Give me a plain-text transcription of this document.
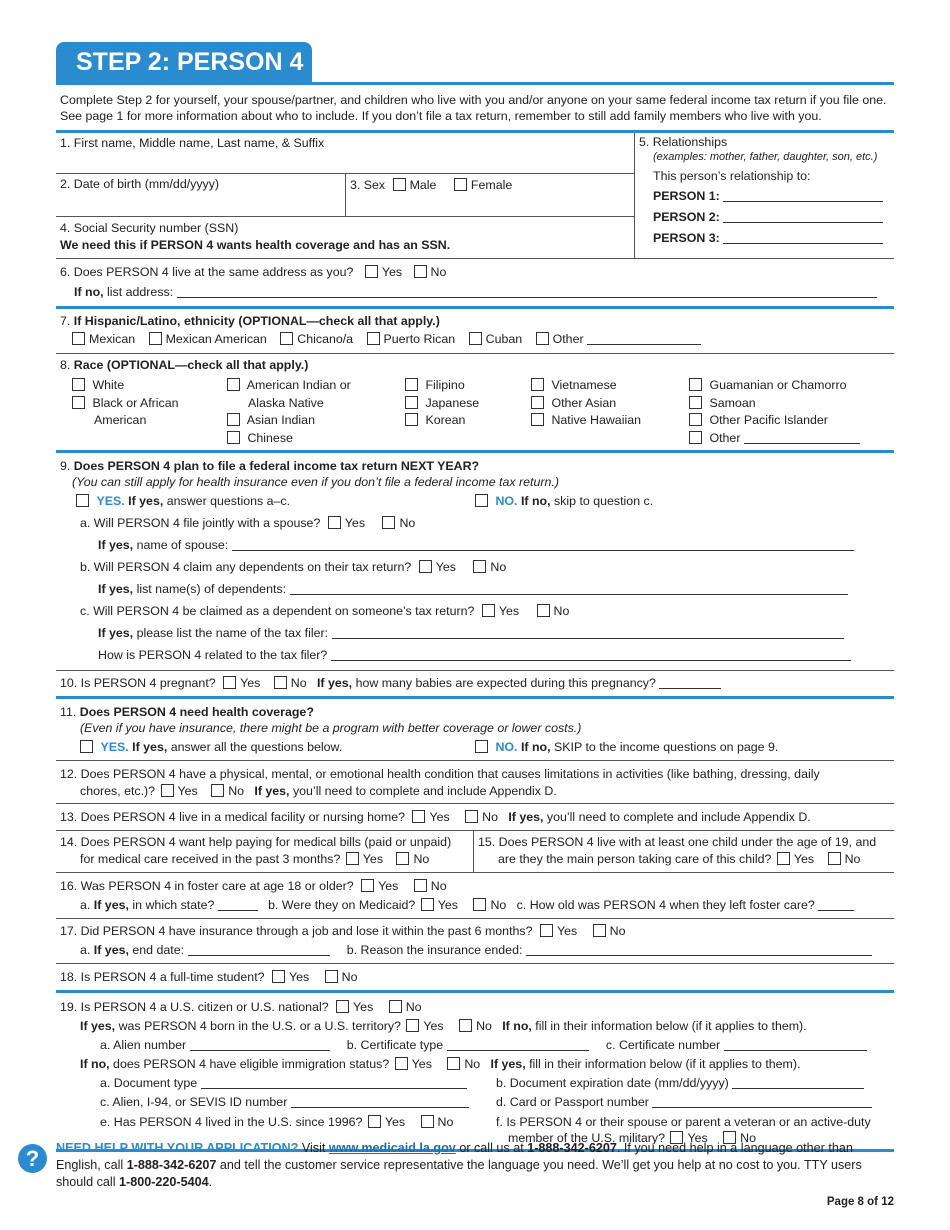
STEP 2: PERSON 4
Complete Step 2 for yourself, your spouse/partner, and children who live with you and/or anyone on your same federal income tax return if you file one. See page 1 for more information about who to include. If you don’t file a tax return, remember to still add family members who live with you.
1. First name, Middle name, Last name, & Suffix
2. Date of birth (mm/dd/yyyy)	3. Sex Male	Female
4. Social Security number (SSN)
We need this if PERSON 4 wants health coverage and has an SSN.
5. Relationships
(examples: mother, father, daughter, son, etc.)
This person’s relationship to:
PERSON 1:
PERSON 2:
PERSON 3:
6. Does PERSON 4 live at the same address as you? Yes No
If no, list address:
7. If Hispanic/Latino, ethnicity (OPTIONAL—check all that apply.)
Mexican Mexican American Chicano/a Puerto Rican Cuban Other
8. Race (OPTIONAL—check all that apply.)
White
Black or African
American
American Indian or
Alaska Native
Asian Indian
Chinese
Filipino
Japanese
Korean
Vietnamese
Other Asian
Native Hawaiian
Guamanian or Chamorro
Samoan
Other Pacific Islander
Other
9. Does PERSON 4 plan to file a federal income tax return NEXT YEAR?
(You can still apply for health insurance even if you don’t file a federal income tax return.)
YES. If yes, answer questions a–c.	NO. If no, skip to question c.
a. Will PERSON 4 file jointly with a spouse? Yes	No
If yes, name of spouse:
b. Will PERSON 4 claim any dependents on their tax return? Yes	No
If yes, list name(s) of dependents:
c. Will PERSON 4 be claimed as a dependent on someone’s tax return? Yes	No
If yes, please list the name of the tax filer:
How is PERSON 4 related to the tax filer?
10. Is PERSON 4 pregnant? Yes No If yes, how many babies are expected during this pregnancy?
11. Does PERSON 4 need health coverage?
(Even if you have insurance, there might be a program with better coverage or lower costs.)
YES. If yes, answer all the questions below.	NO. If no, SKIP to the income questions on page 9.
12. Does PERSON 4 have a physical, mental, or emotional health condition that causes limitations in activities (like bathing, dressing, daily
chores, etc.)? Yes No If yes, you’ll need to complete and include Appendix D.
13. Does PERSON 4 live in a medical facility or nursing home? Yes	No If yes, you’ll need to complete and include Appendix D.
14. Does PERSON 4 want help paying for medical bills (paid or unpaid)
for medical care received in the past 3 months? Yes No
15. Does PERSON 4 live with at least one child under the age of 19, and
are they the main person taking care of this child? Yes No
16. Was PERSON 4 in foster care at age 18 or older? Yes	No
a. If yes, in which state?	b. Were they on Medicaid? Yes	No c. How old was PERSON 4 when they left foster care?
17. Did PERSON 4 have insurance through a job and lose it within the past 6 months? Yes	No
a. If yes, end date:	b. Reason the insurance ended:
18. Is PERSON 4 a full-time student? Yes	No
19. Is PERSON 4 a U.S. citizen or U.S. national? Yes	No
If yes, was PERSON 4 born in the U.S. or a U.S. territory? Yes	No If no, fill in their information below (if it applies to them).
a. Alien number	b. Certificate type	c. Certificate number
If no, does PERSON 4 have eligible immigration status? Yes	No If yes, fill in their information below (if it applies to them).
a. Document type	b. Document expiration date (mm/dd/yyyy)
c. Alien, I-94, or SEVIS ID number	d. Card or Passport number
e. Has PERSON 4 lived in the U.S. since 1996? Yes	No	f. Is PERSON 4 or their spouse or parent a veteran or an active-duty
member of the U.S. military? Yes	No
?	NEED HELP WITH YOUR APPLICATION? Visit www.medicaid.la.gov or call us at 1-888-342-6207. If you need help in a language other than English, call 1-888-342-6207 and tell the customer service representative the language you need. We’ll get you help at no cost to you. TTY users should call 1-800-220-5404.
Page 8 of 12
